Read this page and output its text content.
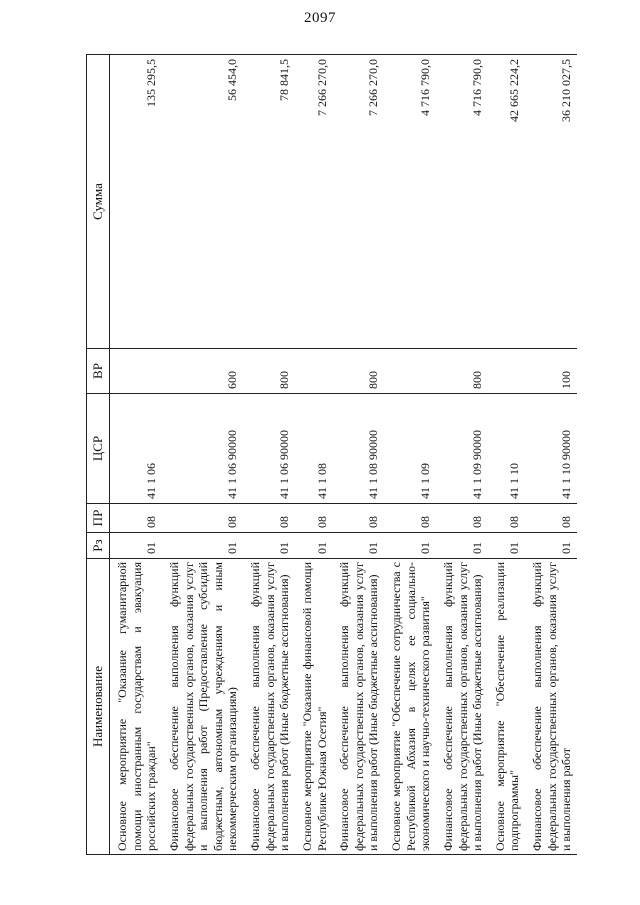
2097
Наименование	Рз	ПР	ЦСР	ВР	Сумма
Основное мероприятие "Оказание гуманитарной помощи иностранным государствам и эвакуация российских граждан"	01	08	41 1 06		135 295,5
Финансовое обеспечение выполнения функций федеральных государственных органов, оказания услуг и выполнения работ (Предоставление субсидий бюджетным, автономным учреждениям и иным некоммерческим организациям)	01	08	41 1 06 90000	600	56 454,0
Финансовое обеспечение выполнения функций федеральных государственных органов, оказания услуг и выполнения работ (Иные бюджетные ассигнования)	01	08	41 1 06 90000	800	78 841,5
Основное мероприятие "Оказание финансовой помощи Республике Южная Осетия"	01	08	41 1 08		7 266 270,0
Финансовое обеспечение выполнения функций федеральных государственных органов, оказания услуг и выполнения работ (Иные бюджетные ассигнования)	01	08	41 1 08 90000	800	7 266 270,0
Основное мероприятие "Обеспечение сотрудничества с Республикой Абхазия в целях ее социально-экономического и научно-технического развития"	01	08	41 1 09		4 716 790,0
Финансовое обеспечение выполнения функций федеральных государственных органов, оказания услуг и выполнения работ (Иные бюджетные ассигнования)	01	08	41 1 09 90000	800	4 716 790,0
Основное мероприятие "Обеспечение реализации подпрограммы"	01	08	41 1 10		42 665 224,2
Финансовое обеспечение выполнения функций федеральных государственных органов, оказания услуг и выполнения работ	01	08	41 1 10 90000	100	36 210 027,5
